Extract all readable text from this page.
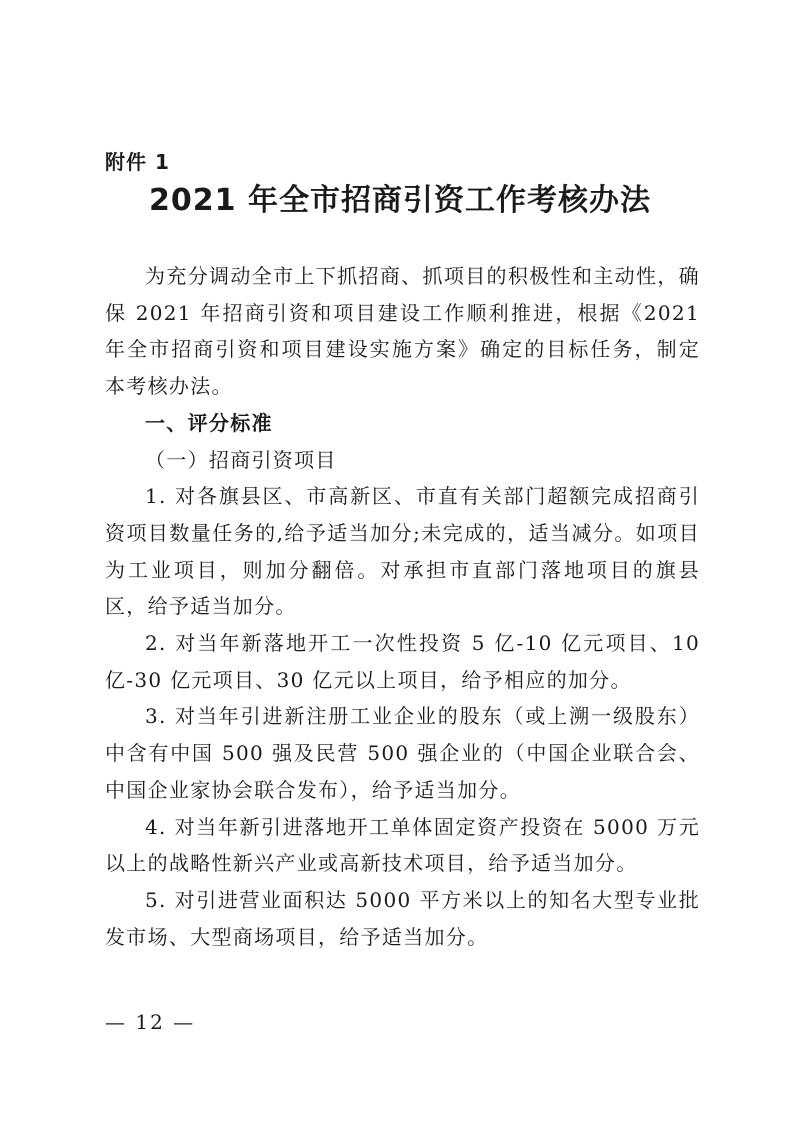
附件 1
2021 年全市招商引资工作考核办法

为充分调动全市上下抓招商、抓项目的积极性和主动性，确保 2021 年招商引资和项目建设工作顺利推进，根据《2021 年全市招商引资和项目建设实施方案》确定的目标任务，制定本考核办法。

一、评分标准

（一）招商引资项目

1. 对各旗县区、市高新区、市直有关部门超额完成招商引资项目数量任务的,给予适当加分;未完成的，适当减分。如项目为工业项目，则加分翻倍。对承担市直部门落地项目的旗县区，给予适当加分。

2. 对当年新落地开工一次性投资 5 亿-10 亿元项目、10 亿-30 亿元项目、30 亿元以上项目，给予相应的加分。

3. 对当年引进新注册工业企业的股东（或上溯一级股东）中含有中国 500 强及民营 500 强企业的（中国企业联合会、中国企业家协会联合发布），给予适当加分。

4. 对当年新引进落地开工单体固定资产投资在 5000 万元以上的战略性新兴产业或高新技术项目，给予适当加分。

5. 对引进营业面积达 5000 平方米以上的知名大型专业批发市场、大型商场项目，给予适当加分。

— 12 —
